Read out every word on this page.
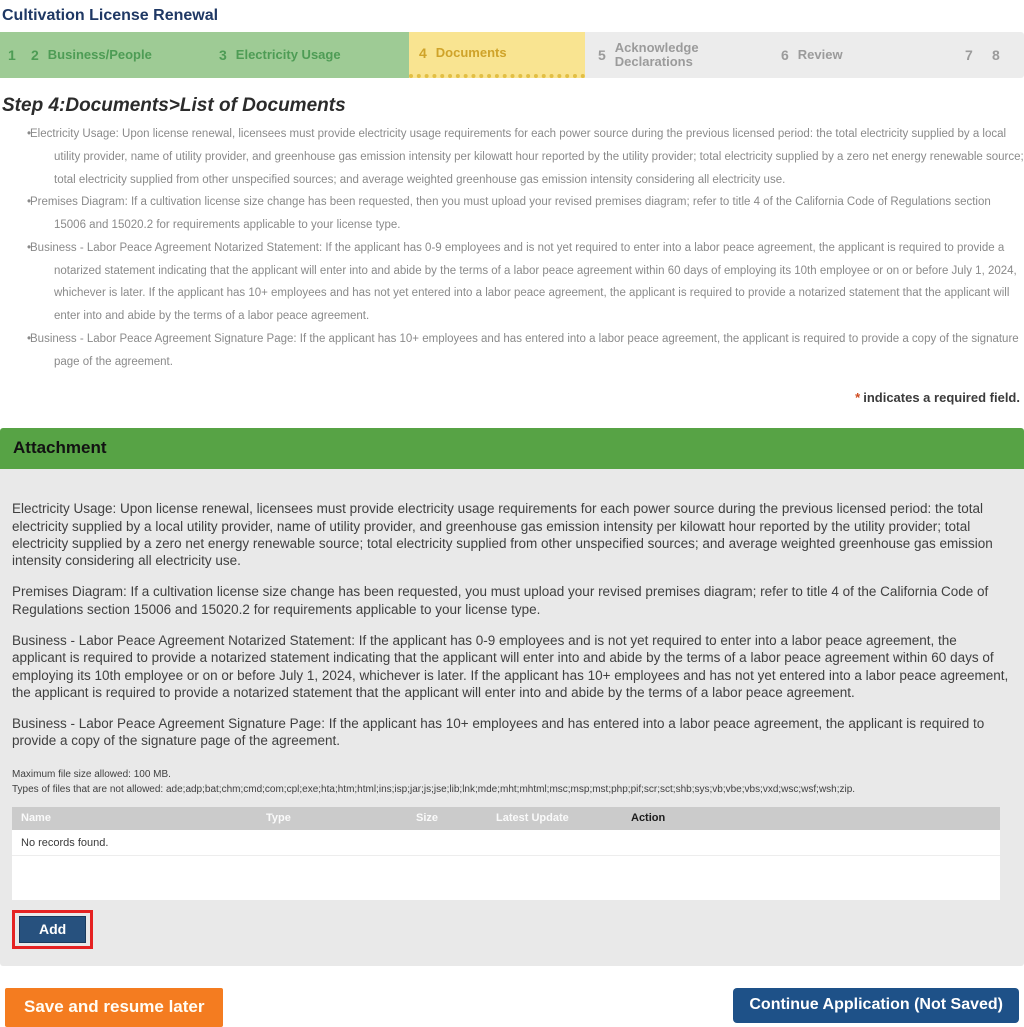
Cultivation License Renewal
1 2 Business/People	3 Electricity Usage	4 Documents	5 Acknowledge Declarations	6 Review	7 8
Step 4:Documents>List of Documents
• Electricity Usage: Upon license renewal, licensees must provide electricity usage requirements for each power source during the previous licensed period: the total electricity supplied by a local utility provider, name of utility provider, and greenhouse gas emission intensity per kilowatt hour reported by the utility provider; total electricity supplied by a zero net energy renewable source; total electricity supplied from other unspecified sources; and average weighted greenhouse gas emission intensity considering all electricity use.
• Premises Diagram: If a cultivation license size change has been requested, then you must upload your revised premises diagram; refer to title 4 of the California Code of Regulations section 15006 and 15020.2 for requirements applicable to your license type.
• Business - Labor Peace Agreement Notarized Statement: If the applicant has 0-9 employees and is not yet required to enter into a labor peace agreement, the applicant is required to provide a notarized statement indicating that the applicant will enter into and abide by the terms of a labor peace agreement within 60 days of employing its 10th employee or on or before July 1, 2024, whichever is later. If the applicant has 10+ employees and has not yet entered into a labor peace agreement, the applicant is required to provide a notarized statement that the applicant will enter into and abide by the terms of a labor peace agreement.
• Business - Labor Peace Agreement Signature Page: If the applicant has 10+ employees and has entered into a labor peace agreement, the applicant is required to provide a copy of the signature page of the agreement.
* indicates a required field.
Attachment

Electricity Usage: Upon license renewal, licensees must provide electricity usage requirements for each power source during the previous licensed period: the total electricity supplied by a local utility provider, name of utility provider, and greenhouse gas emission intensity per kilowatt hour reported by the utility provider; total electricity supplied by a zero net energy renewable source; total electricity supplied from other unspecified sources; and average weighted greenhouse gas emission intensity considering all electricity use.

Premises Diagram: If a cultivation license size change has been requested, you must upload your revised premises diagram; refer to title 4 of the California Code of Regulations section 15006 and 15020.2 for requirements applicable to your license type.

Business - Labor Peace Agreement Notarized Statement: If the applicant has 0-9 employees and is not yet required to enter into a labor peace agreement, the applicant is required to provide a notarized statement indicating that the applicant will enter into and abide by the terms of a labor peace agreement within 60 days of employing its 10th employee or on or before July 1, 2024, whichever is later. If the applicant has 10+ employees and has not yet entered into a labor peace agreement, the applicant is required to provide a notarized statement that the applicant will enter into and abide by the terms of a labor peace agreement.

Business - Labor Peace Agreement Signature Page: If the applicant has 10+ employees and has entered into a labor peace agreement, the applicant is required to provide a copy of the signature page of the agreement.

Maximum file size allowed: 100 MB.
Types of files that are not allowed: ade;adp;bat;chm;cmd;com;cpl;exe;hta;htm;html;ins;isp;jar;js;jse;lib;lnk;mde;mht;mhtml;msc;msp;mst;php;pif;scr;sct;shb;sys;vb;vbe;vbs;vxd;wsc;wsf;wsh;zip.
Name	Type	Size	Latest Update	Action
No records found.
Add
Save and resume later	Continue Application (Not Saved)
